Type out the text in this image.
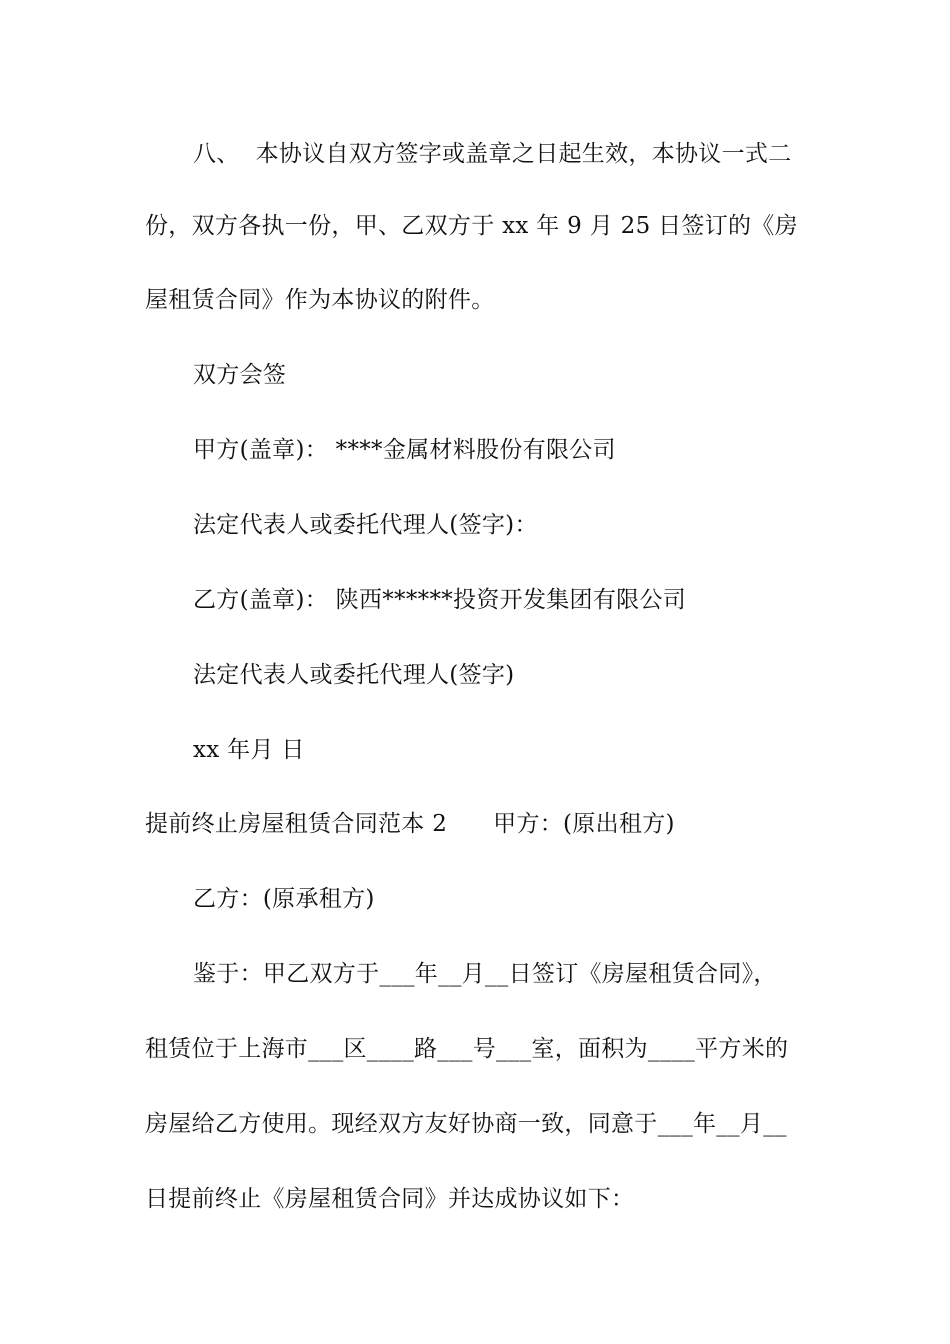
八、 本协议自双方签字或盖章之日起生效，本协议一式二
份，双方各执一份，甲、乙双方于 xx 年 9 月 25 日签订的《房
屋租赁合同》作为本协议的附件。
双方会签
甲方(盖章)： ****金属材料股份有限公司
法定代表人或委托代理人(签字)：
乙方(盖章)： 陕西******投资开发集团有限公司
法定代表人或委托代理人(签字)
xx 年月 日
提前终止房屋租赁合同范本 2 甲方：(原出租方)
乙方：(原承租方)
鉴于：甲乙双方于___年__月__日签订《房屋租赁合同》，
租赁位于上海市___区____路___号___室，面积为____平方米的
房屋给乙方使用。现经双方友好协商一致，同意于___年__月__
日提前终止《房屋租赁合同》并达成协议如下：
